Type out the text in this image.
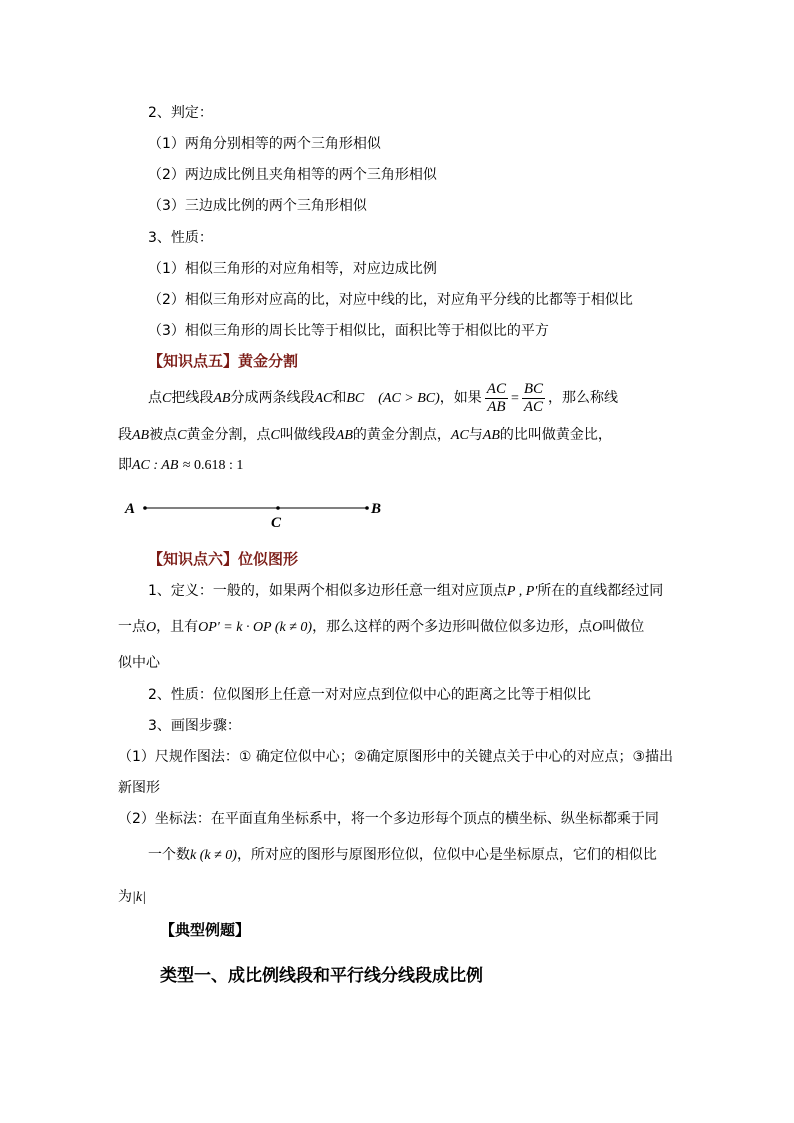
2、判定：
（1）两角分别相等的两个三角形相似
（2）两边成比例且夹角相等的两个三角形相似
（3）三边成比例的两个三角形相似
3、性质：
（1）相似三角形的对应角相等，对应边成比例
（2）相似三角形对应高的比，对应中线的比，对应角平分线的比都等于相似比
（3）相似三角形的周长比等于相似比，面积比等于相似比的平方
【知识点五】黄金分割
点C把线段AB分成两条线段AC和BC (AC > BC)，如果 $\frac{AC}{AB} = \frac{BC}{AC}$ ，那么称线
段AB被点C黄金分割，点C叫做线段AB的黄金分割点，AC与AB的比叫做黄金比，
即AC : AB ≈ 0.618 : 1
A	B
C
【知识点六】位似图形
1、定义：一般的，如果两个相似多边形任意一组对应顶点P , P'所在的直线都经过同
一点O，且有OP' = k · OP (k ≠ 0)，那么这样的两个多边形叫做位似多边形，点O叫做位
似中心
2、性质：位似图形上任意一对对应点到位似中心的距离之比等于相似比
3、画图步骤：
（1）尺规作图法：① 确定位似中心；②确定原图形中的关键点关于中心的对应点；③描出
新图形
（2）坐标法：在平面直角坐标系中，将一个多边形每个顶点的横坐标、纵坐标都乘于同
一个数k (k ≠ 0)，所对应的图形与原图形位似，位似中心是坐标原点，它们的相似比
为|k|
【典型例题】
类型一、成比例线段和平行线分线段成比例
